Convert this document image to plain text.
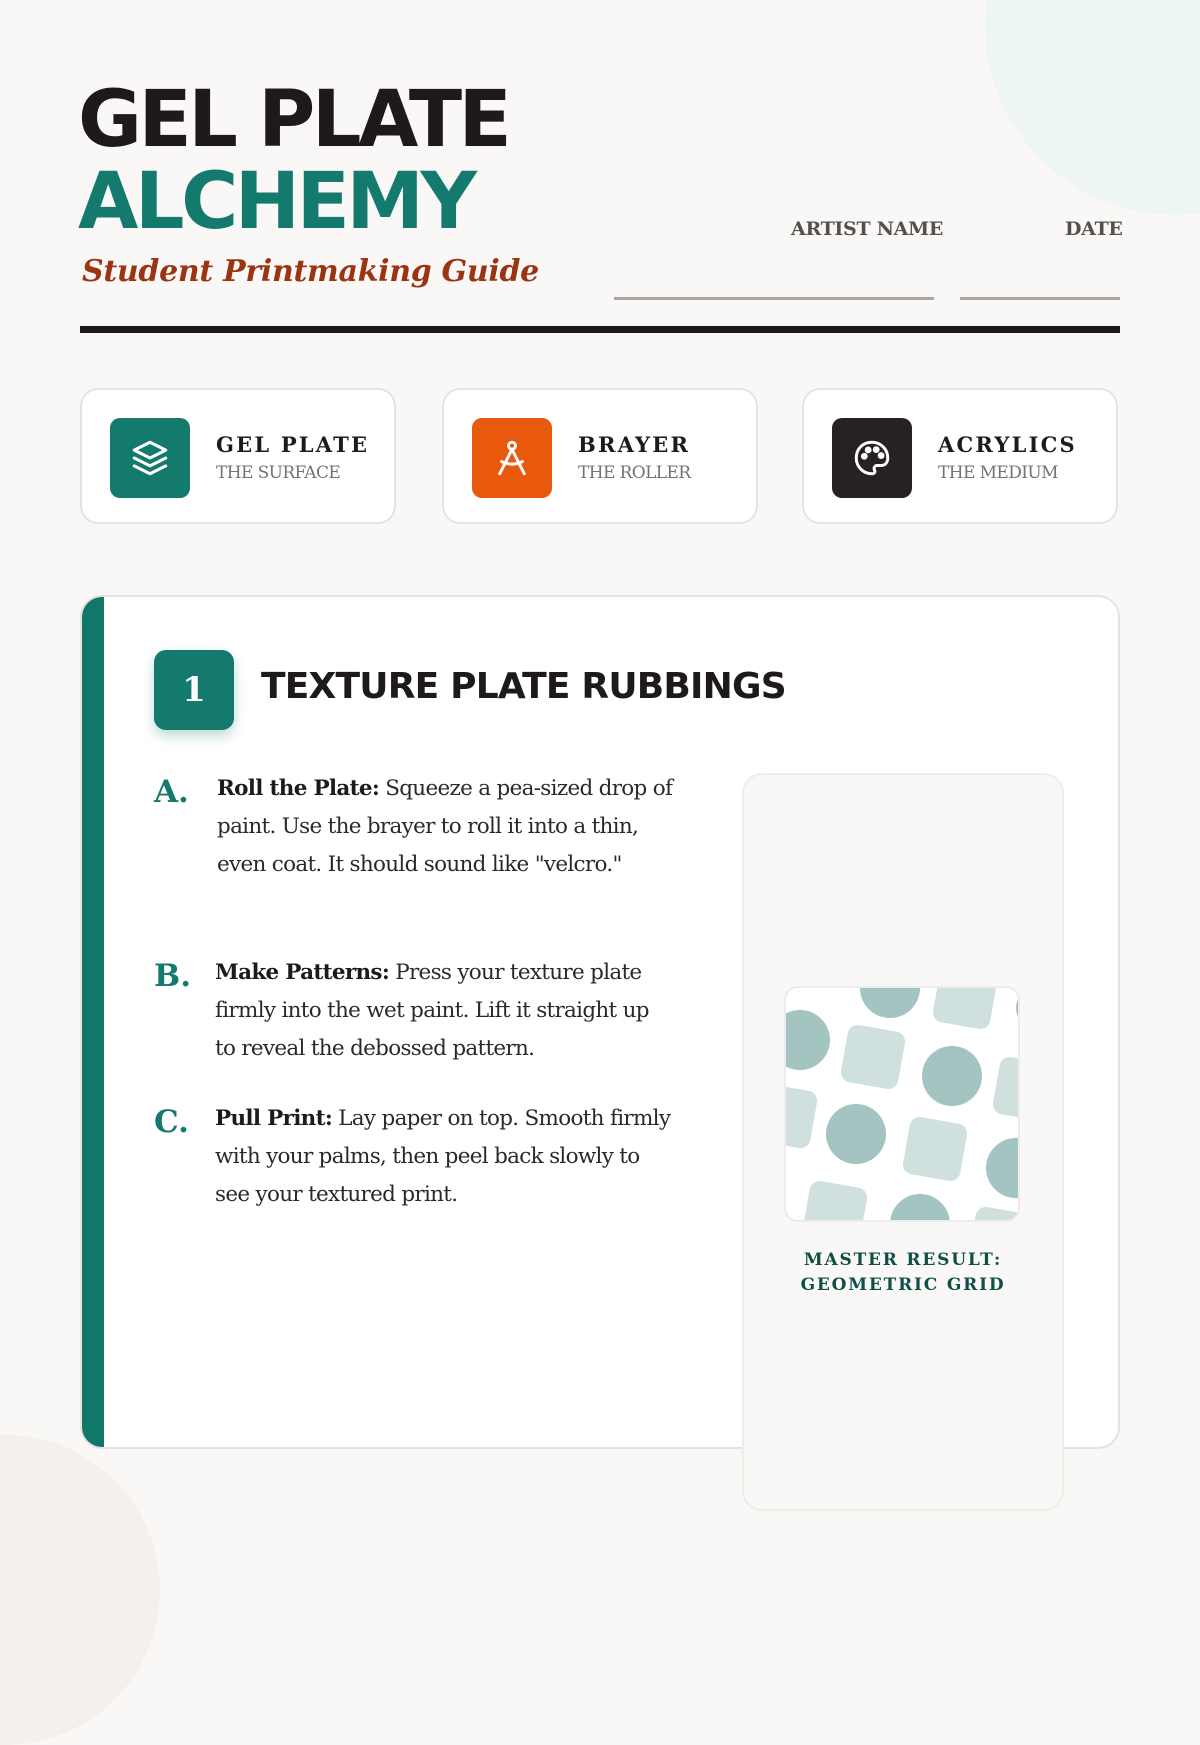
GEL PLATE
ALCHEMY

Student Printmaking Guide

ARTIST NAME	DATE
GEL PLATE
THE SURFACE
BRAYER
THE ROLLER
ACRYLICS
THE MEDIUM
1	TEXTURE PLATE RUBBINGS
A. Roll the Plate: Squeeze a pea-sized drop of paint. Use the brayer to roll it into a thin, even coat. It should sound like "velcro."
B. Make Patterns: Press your texture plate firmly into the wet paint. Lift it straight up to reveal the debossed pattern.
C. Pull Print: Lay paper on top. Smooth firmly with your palms, then peel back slowly to see your textured print.
MASTER RESULT:
GEOMETRIC GRID
